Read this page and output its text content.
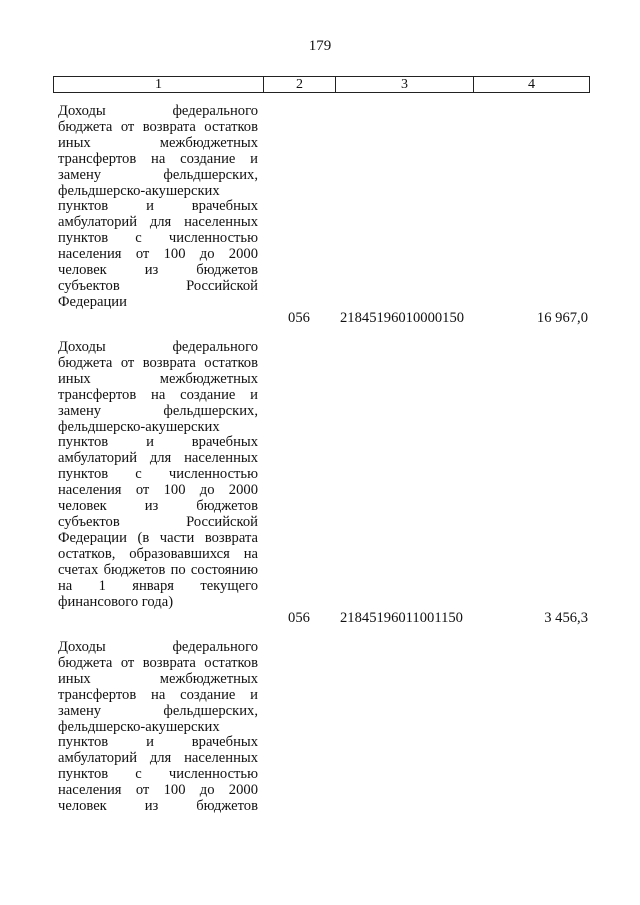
179
1	2	3	4

Доходы федерального

бюджета от возврата остатков

иных межбюджетных

трансфертов на создание и

замену фельдшерских,

фельдшерско-акушерских

пунктов и врачебных

амбулаторий для населенных

пунктов с численностью

населения от 100 до 2000

человек из бюджетов

субъектов Российской

Федерации

056 21845196010000150	16 967,0

Доходы федерального

бюджета от возврата остатков

иных межбюджетных

трансфертов на создание и

замену фельдшерских,

фельдшерско-акушерских

пунктов и врачебных

амбулаторий для населенных

пунктов с численностью

населения от 100 до 2000

человек из бюджетов

субъектов Российской

Федерации (в части возврата

остатков, образовавшихся на

счетах бюджетов по состоянию

на 1 января текущего

финансового года)

056 21845196011001150	3 456,3

Доходы федерального

бюджета от возврата остатков

иных межбюджетных

трансфертов на создание и

замену фельдшерских,

фельдшерско-акушерских

пунктов и врачебных

амбулаторий для населенных

пунктов с численностью

населения от 100 до 2000

человек из бюджетов
